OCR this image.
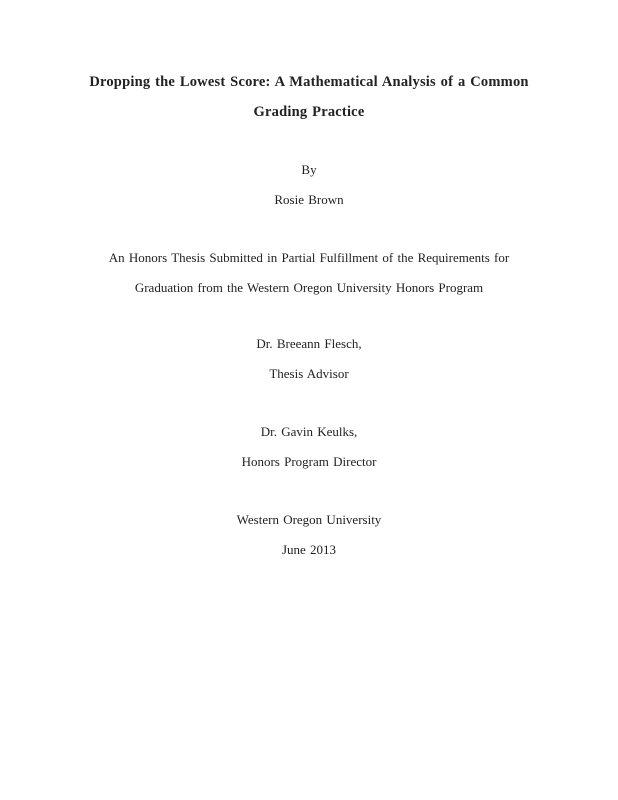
Dropping the Lowest Score: A Mathematical Analysis of a Common
Grading Practice
By
Rosie Brown
An Honors Thesis Submitted in Partial Fulfillment of the Requirements for
Graduation from the Western Oregon University Honors Program
Dr. Breeann Flesch,
Thesis Advisor
Dr. Gavin Keulks,
Honors Program Director
Western Oregon University
June 2013
